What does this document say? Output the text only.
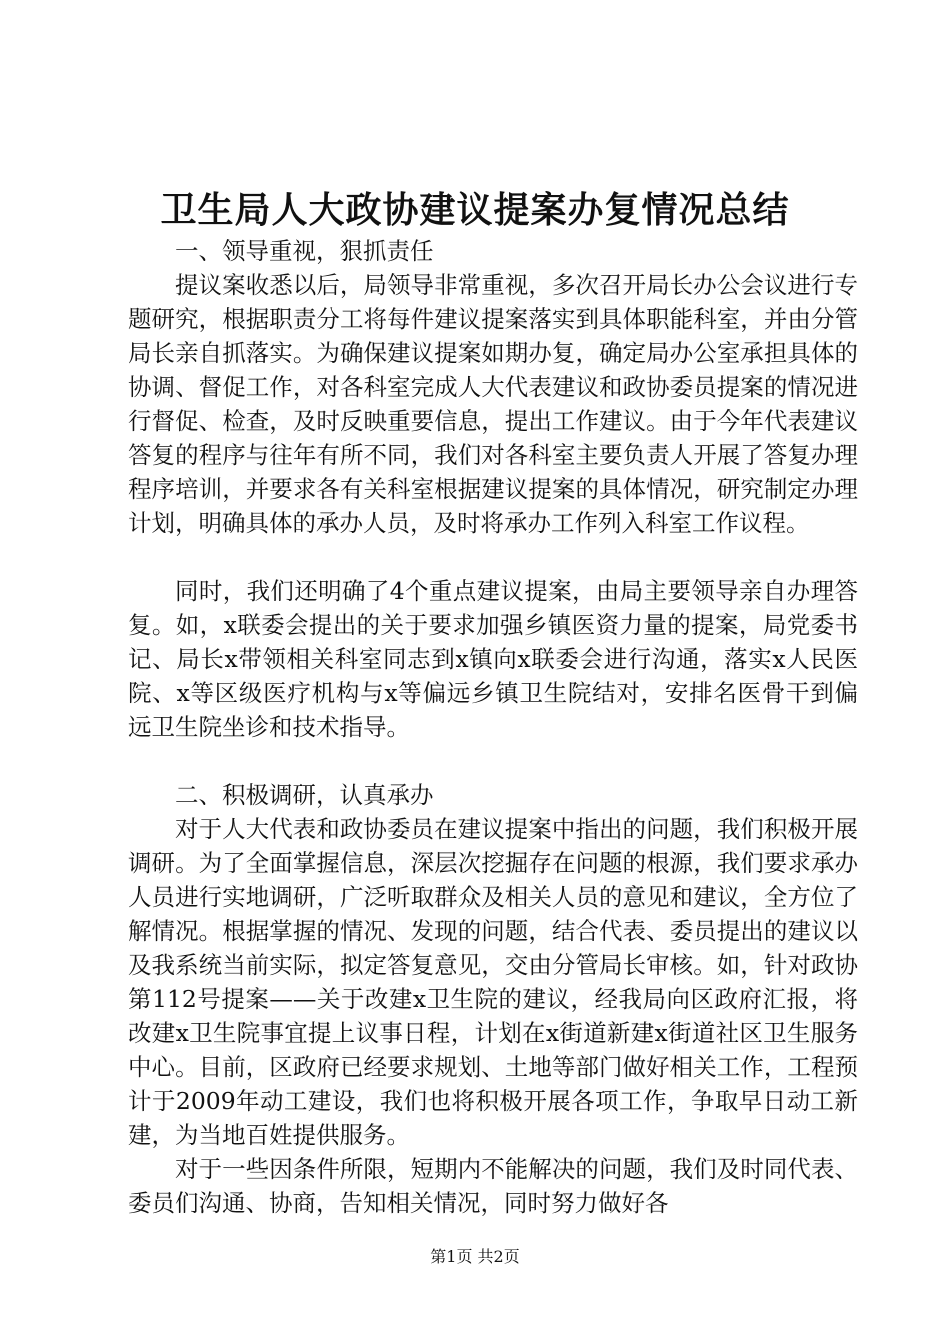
卫生局人大政协建议提案办复情况总结

一、领导重视，狠抓责任

提议案收悉以后，局领导非常重视，多次召开局长办公会议进行专题研究，根据职责分工将每件建议提案落实到具体职能科室，并由分管局长亲自抓落实。为确保建议提案如期办复，确定局办公室承担具体的协调、督促工作，对各科室完成人大代表建议和政协委员提案的情况进行督促、检查，及时反映重要信息，提出工作建议。由于今年代表建议答复的程序与往年有所不同，我们对各科室主要负责人开展了答复办理程序培训，并要求各有关科室根据建议提案的具体情况，研究制定办理计划，明确具体的承办人员，及时将承办工作列入科室工作议程。

同时，我们还明确了4个重点建议提案，由局主要领导亲自办理答复。如，x联委会提出的关于要求加强乡镇医资力量的提案，局党委书记、局长x带领相关科室同志到x镇向x联委会进行沟通，落实x人民医院、x等区级医疗机构与x等偏远乡镇卫生院结对，安排名医骨干到偏远卫生院坐诊和技术指导。

二、积极调研，认真承办

对于人大代表和政协委员在建议提案中指出的问题，我们积极开展调研。为了全面掌握信息，深层次挖掘存在问题的根源，我们要求承办人员进行实地调研，广泛听取群众及相关人员的意见和建议，全方位了解情况。根据掌握的情况、发现的问题，结合代表、委员提出的建议以及我系统当前实际，拟定答复意见，交由分管局长审核。如，针对政协第112号提案——关于改建x卫生院的建议，经我局向区政府汇报，将改建x卫生院事宜提上议事日程，计划在x街道新建x街道社区卫生服务中心。目前，区政府已经要求规划、土地等部门做好相关工作，工程预计于2009年动工建设，我们也将积极开展各项工作，争取早日动工新建，为当地百姓提供服务。

对于一些因条件所限，短期内不能解决的问题，我们及时同代表、委员们沟通、协商，告知相关情况，同时努力做好各

第1页 共2页
